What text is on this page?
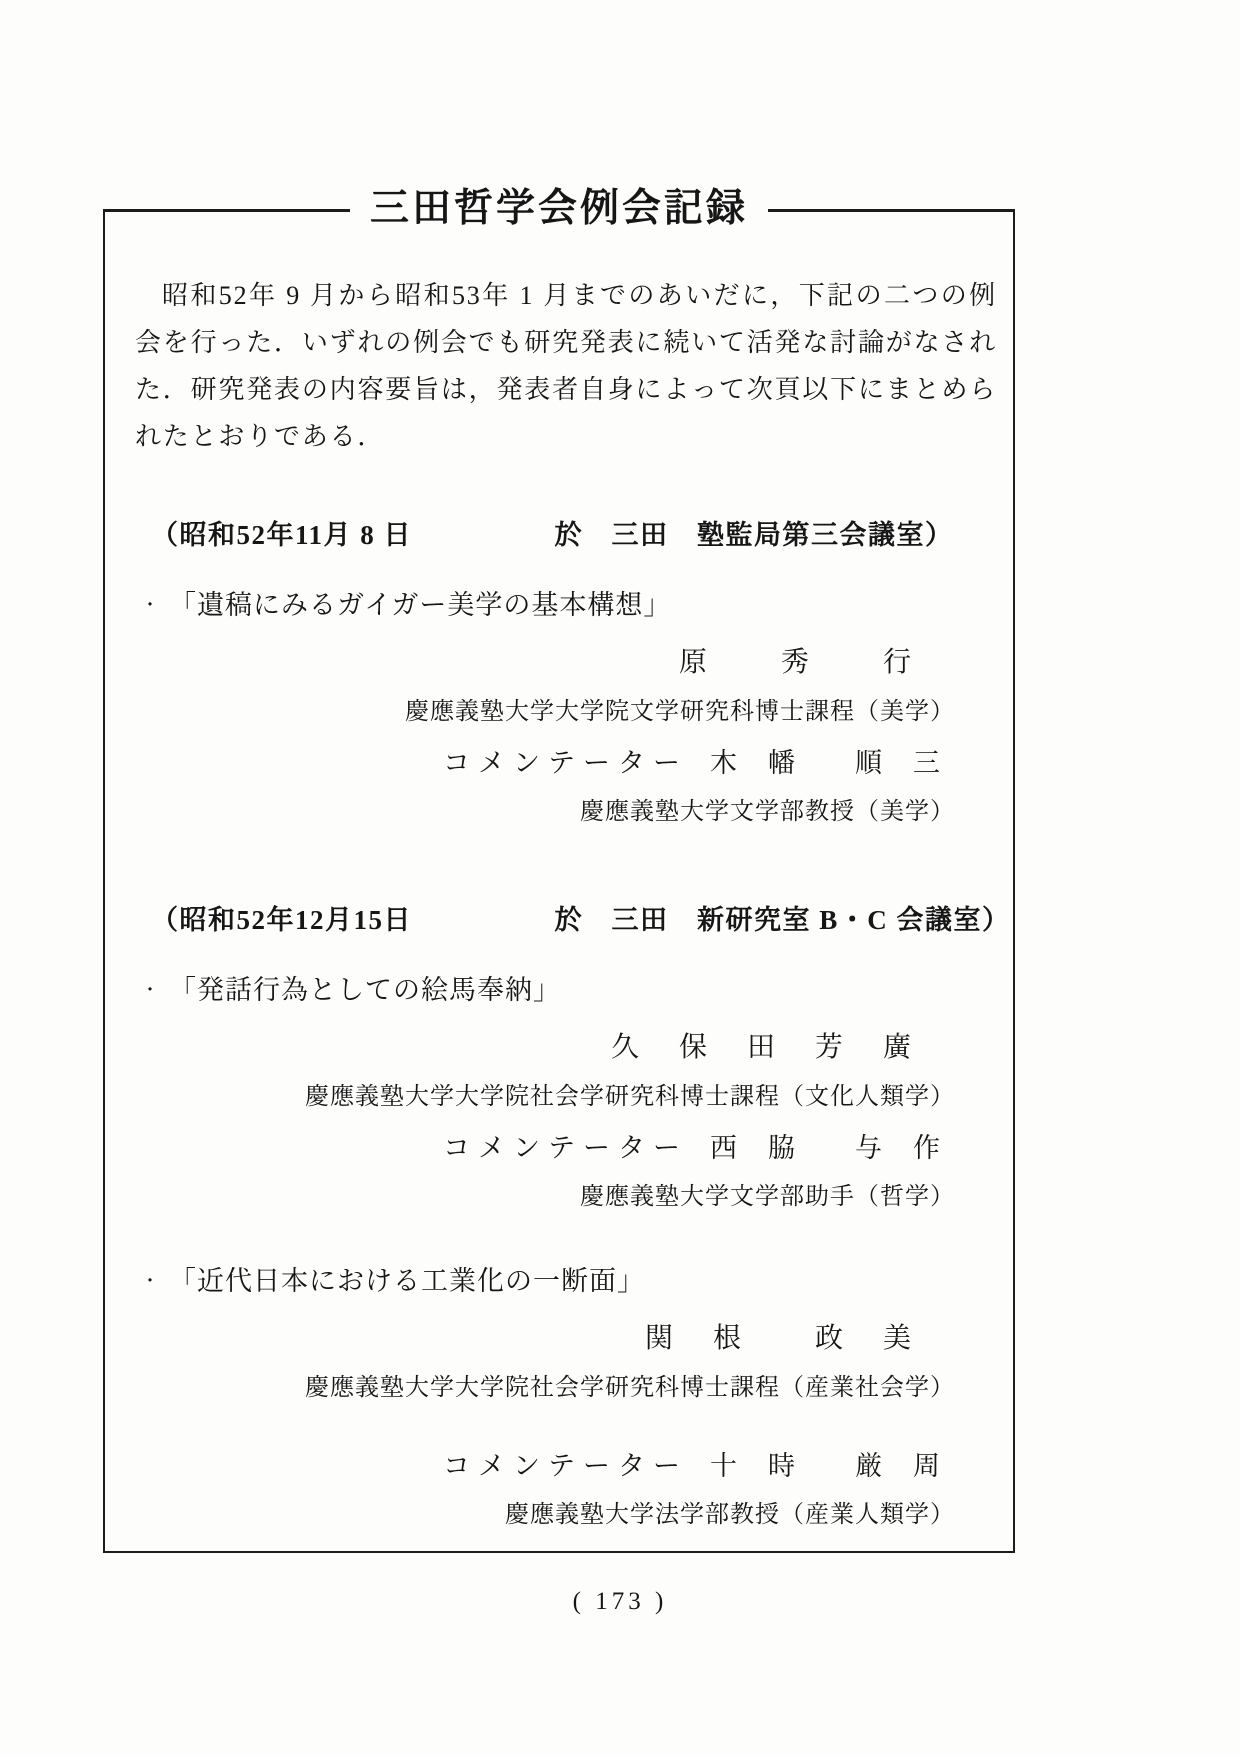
三田哲学会例会記録

昭和52年 9 月から昭和53年 1 月までのあいだに，下記の二つの例会を行った．いずれの例会でも研究発表に続いて活発な討論がなされた．研究発表の内容要旨は，発表者自身によって次頁以下にまとめられたとおりである．

（昭和52年11月 8 日　　　　　於　三田　塾監局第三会議室）
・ 「遺稿にみるガイガー美学の基本構想」
原　　秀　　行
慶應義塾大学大学院文学研究科博士課程（美学）
コメンテーター 木　幡　　順　三
慶應義塾大学文学部教授（美学）
（昭和52年12月15日　　　　　於　三田　新研究室 B・C 会議室）
・ 「発話行為としての絵馬奉納」
久　保　田　芳　廣
慶應義塾大学大学院社会学研究科博士課程（文化人類学）
コメンテーター 西　脇　　与　作
慶應義塾大学文学部助手（哲学）
・ 「近代日本における工業化の一断面」
関　根　　政　美
慶應義塾大学大学院社会学研究科博士課程（産業社会学）
コメンテーター 十　時　　厳　周
慶應義塾大学法学部教授（産業人類学）
( 173 )
